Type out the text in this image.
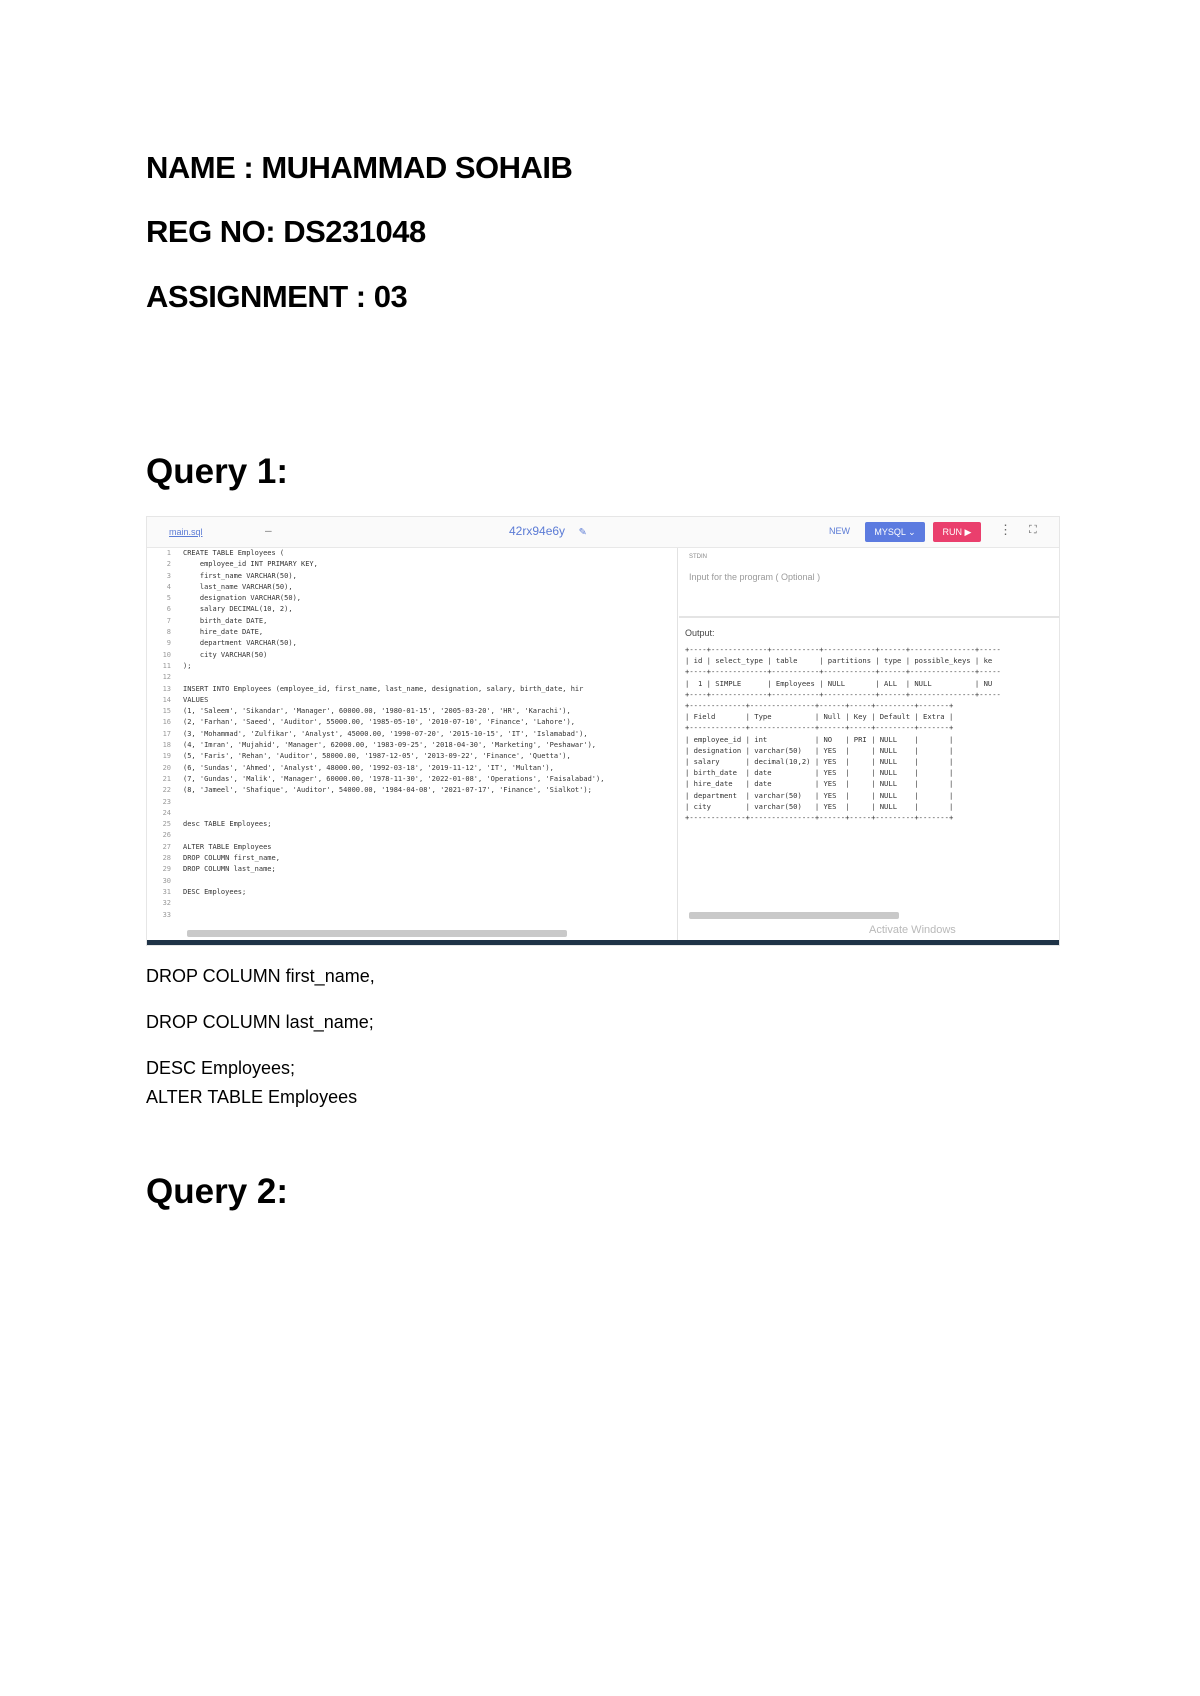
NAME : MUHAMMAD SOHAIB
REG NO: DS231048
ASSIGNMENT : 03
Query 1:
main.sql	—	42rx94e6y ✎	NEW	MYSQL ⌄	RUN ▶	⋮ ⛶
1
2
3
4
5
6
7
8
9
10
11
12
13
14
15
16
17
18
19
20
21
22
23
24
25
26
27
28
29
30
31
32
33
CREATE TABLE Employees (
employee_id INT PRIMARY KEY,
first_name VARCHAR(50),
last_name VARCHAR(50),
designation VARCHAR(50),
salary DECIMAL(10, 2),
birth_date DATE,
hire_date DATE,
department VARCHAR(50),
city VARCHAR(50)
);
INSERT INTO Employees (employee_id, first_name, last_name, designation, salary, birth_date, hir
VALUES
(1, 'Saleem', 'Sikandar', 'Manager', 60000.00, '1980-01-15', '2005-03-20', 'HR', 'Karachi'),
(2, 'Farhan', 'Saeed', 'Auditor', 55000.00, '1985-05-10', '2010-07-10', 'Finance', 'Lahore'),
(3, 'Mohammad', 'Zulfikar', 'Analyst', 45000.00, '1990-07-20', '2015-10-15', 'IT', 'Islamabad'),
(4, 'Imran', 'Mujahid', 'Manager', 62000.00, '1983-09-25', '2018-04-30', 'Marketing', 'Peshawar'),
(5, 'Faris', 'Rehan', 'Auditor', 58000.00, '1987-12-05', '2013-09-22', 'Finance', 'Quetta'),
(6, 'Sundas', 'Ahmed', 'Analyst', 48000.00, '1992-03-18', '2019-11-12', 'IT', 'Multan'),
(7, 'Gundas', 'Malik', 'Manager', 60000.00, '1978-11-30', '2022-01-08', 'Operations', 'Faisalabad'),
(8, 'Jameel', 'Shafique', 'Auditor', 54000.00, '1984-04-08', '2021-07-17', 'Finance', 'Sialkot');
desc TABLE Employees;
ALTER TABLE Employees
DROP COLUMN first_name,
DROP COLUMN last_name;
DESC Employees;
STDIN
Input for the program ( Optional )
Output:
+----+-------------+-----------+------------+------+---------------+-----
| id | select_type | table     | partitions | type | possible_keys | ke
+----+-------------+-----------+------------+------+---------------+-----
|  1 | SIMPLE      | Employees | NULL       | ALL  | NULL          | NU
+----+-------------+-----------+------------+------+---------------+-----
+-------------+---------------+------+-----+---------+-------+
| Field       | Type          | Null | Key | Default | Extra |
+-------------+---------------+------+-----+---------+-------+
| employee_id | int           | NO   | PRI | NULL    |       |
| designation | varchar(50)   | YES  |     | NULL    |       |
| salary      | decimal(10,2) | YES  |     | NULL    |       |
| birth_date  | date          | YES  |     | NULL    |       |
| hire_date   | date          | YES  |     | NULL    |       |
| department  | varchar(50)   | YES  |     | NULL    |       |
| city        | varchar(50)   | YES  |     | NULL    |       |
+-------------+---------------+------+-----+---------+-------+
Activate Windows
DROP COLUMN first_name,
DROP COLUMN last_name;
DESC Employees;
ALTER TABLE Employees
Query 2:
